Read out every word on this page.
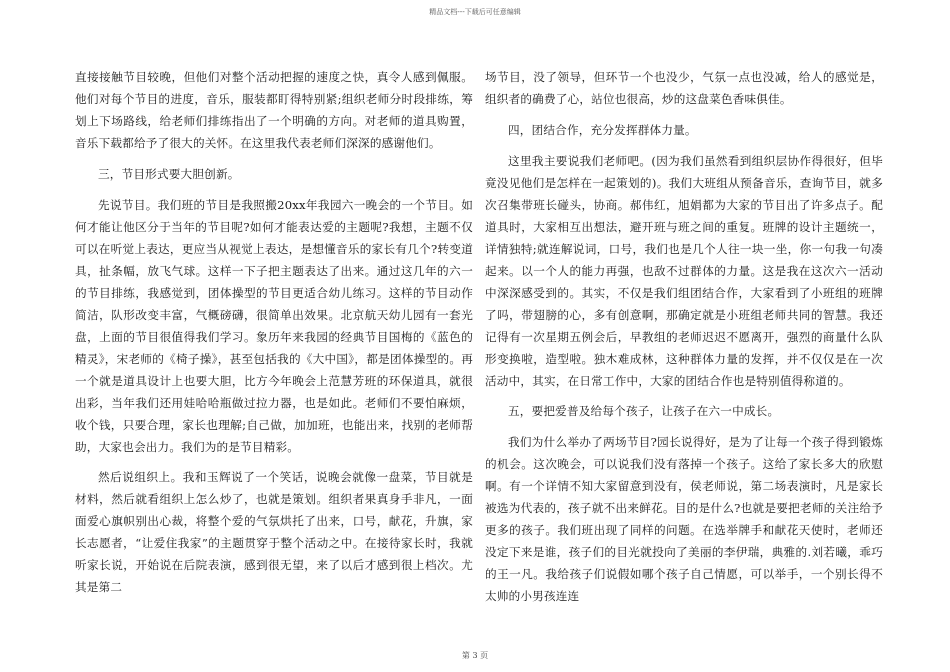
精品文档---下载后可任意编辑

直接接触节目较晚，但他们对整个活动把握的速度之快，真令人感到佩服。他们对每个节目的进度，音乐，服装都盯得特别紧;组织老师分时段排练，筹划上下场路线，给老师们排练指出了一个明确的方向。对老师的道具购置，音乐下载都给予了很大的关怀。在这里我代表老师们深深的感谢他们。

三，节目形式要大胆创新。

先说节目。我们班的节目是我照搬20xx年我园六一晚会的一个节目。如何才能让他区分于当年的节目呢?如何才能表达爱的主题呢?我想，主题不仅可以在听觉上表达，更应当从视觉上表达，是想懂音乐的家长有几个?转变道具，扯条幅，放飞气球。这样一下子把主题表达了出来。通过这几年的六一的节目排练，我感觉到，团体操型的节目更适合幼儿练习。这样的节目动作简洁，队形改变丰富，气概磅礴，很简单出效果。北京航天幼儿园有一套光盘，上面的节目很值得我们学习。象历年来我园的经典节目国梅的《蓝色的精灵》，宋老师的《椅子操》，甚至包括我的《大中国》，都是团体操型的。再一个就是道具设计上也要大胆，比方今年晚会上范慧芳班的环保道具，就很出彩，当年我们还用娃哈哈瓶做过拉力器，也是如此。老师们不要怕麻烦，收个钱，只要合理，家长也理解;自己做，加加班，也能出来，找别的老师帮助，大家也会出力。我们为的是节目精彩。

然后说组织上。我和玉辉说了一个笑话，说晚会就像一盘菜，节目就是材料，然后就看组织上怎么炒了，也就是策划。组织者果真身手非凡，一面面爱心旗帜别出心裁，将整个爱的气氛烘托了出来，口号，献花，升旗，家长志愿者，“让爱住我家”的主题贯穿于整个活动之中。在接待家长时，我就听家长说，开始说在后院表演，感到很无望，来了以后才感到很上档次。尤其是第二

场节目，没了领导，但环节一个也没少，气氛一点也没减，给人的感觉是，组织者的确费了心，站位也很高，炒的这盘菜色香味俱佳。

四，团结合作，充分发挥群体力量。

这里我主要说我们老师吧。(因为我们虽然看到组织层协作得很好，但毕竟没见他们是怎样在一起策划的)。我们大班组从预备音乐，查询节目，就多次召集带班长碰头，协商。郝伟红，旭娟都为大家的节目出了许多点子。配道具时，大家相互出想法，避开班与班之间的重复。班牌的设计主题统一，详情独特;就连解说词，口号，我们也是几个人往一块一坐，你一句我一句凑起来。以一个人的能力再强，也敌不过群体的力量。这是我在这次六一活动中深深感受到的。其实，不仅是我们组团结合作，大家看到了小班组的班牌了吗，带翅膀的心，多有创意啊，那确定就是小班组老师共同的智慧。我还记得有一次星期五例会后，早教组的老师迟迟不愿离开，强烈的商量什么队形变换啦，造型啦。独木难成林，这种群体力量的发挥，并不仅仅是在一次活动中，其实，在日常工作中，大家的团结合作也是特别值得称道的。

五，要把爱普及给每个孩子，让孩子在六一中成长。

我们为什么举办了两场节目?园长说得好，是为了让每一个孩子得到锻炼的机会。这次晚会，可以说我们没有落掉一个孩子。这给了家长多大的欣慰啊。有一个详情不知大家留意到没有，侯老师说，第二场表演时，凡是家长被选为代表的，孩子就不出来鲜花。目的是什么?也就是要把老师的关注给予更多的孩子。我们班出现了同样的问题。在选举牌手和献花天使时，老师还没定下来是谁，孩子们的目光就投向了美丽的李伊瑞，典雅的.刘若曦，乖巧的王一凡。我给孩子们说假如哪个孩子自己情愿，可以举手，一个别长得不太帅的小男孩连连

第 3 页
